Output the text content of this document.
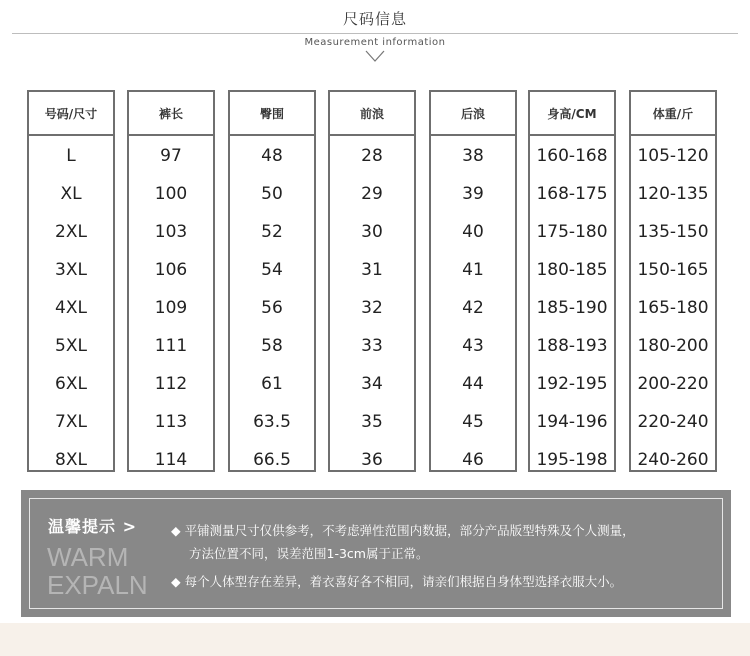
尺码信息
Measurement information
号码/尺寸
L
XL
2XL
3XL
4XL
5XL
6XL
7XL
8XL
裤长
97
100
103
106
109
111
112
113
114
臀围
48
50
52
54
56
58
61
63.5
66.5
前浪
28
29
30
31
32
33
34
35
36
后浪
38
39
40
41
42
43
44
45
46
身高/CM
160-168
168-175
175-180
180-185
185-190
188-193
192-195
194-196
195-198
体重/斤
105-120
120-135
135-150
150-165
165-180
180-200
200-220
220-240
240-260
温馨提示 >
WARM
EXPALN
◆ 平铺测量尺寸仅供参考，不考虑弹性范围内数据，部分产品版型特殊及个人测量，
方法位置不同，误差范围1-3cm属于正常。
◆ 每个人体型存在差异，着衣喜好各不相同，请亲们根据自身体型选择衣服大小。
